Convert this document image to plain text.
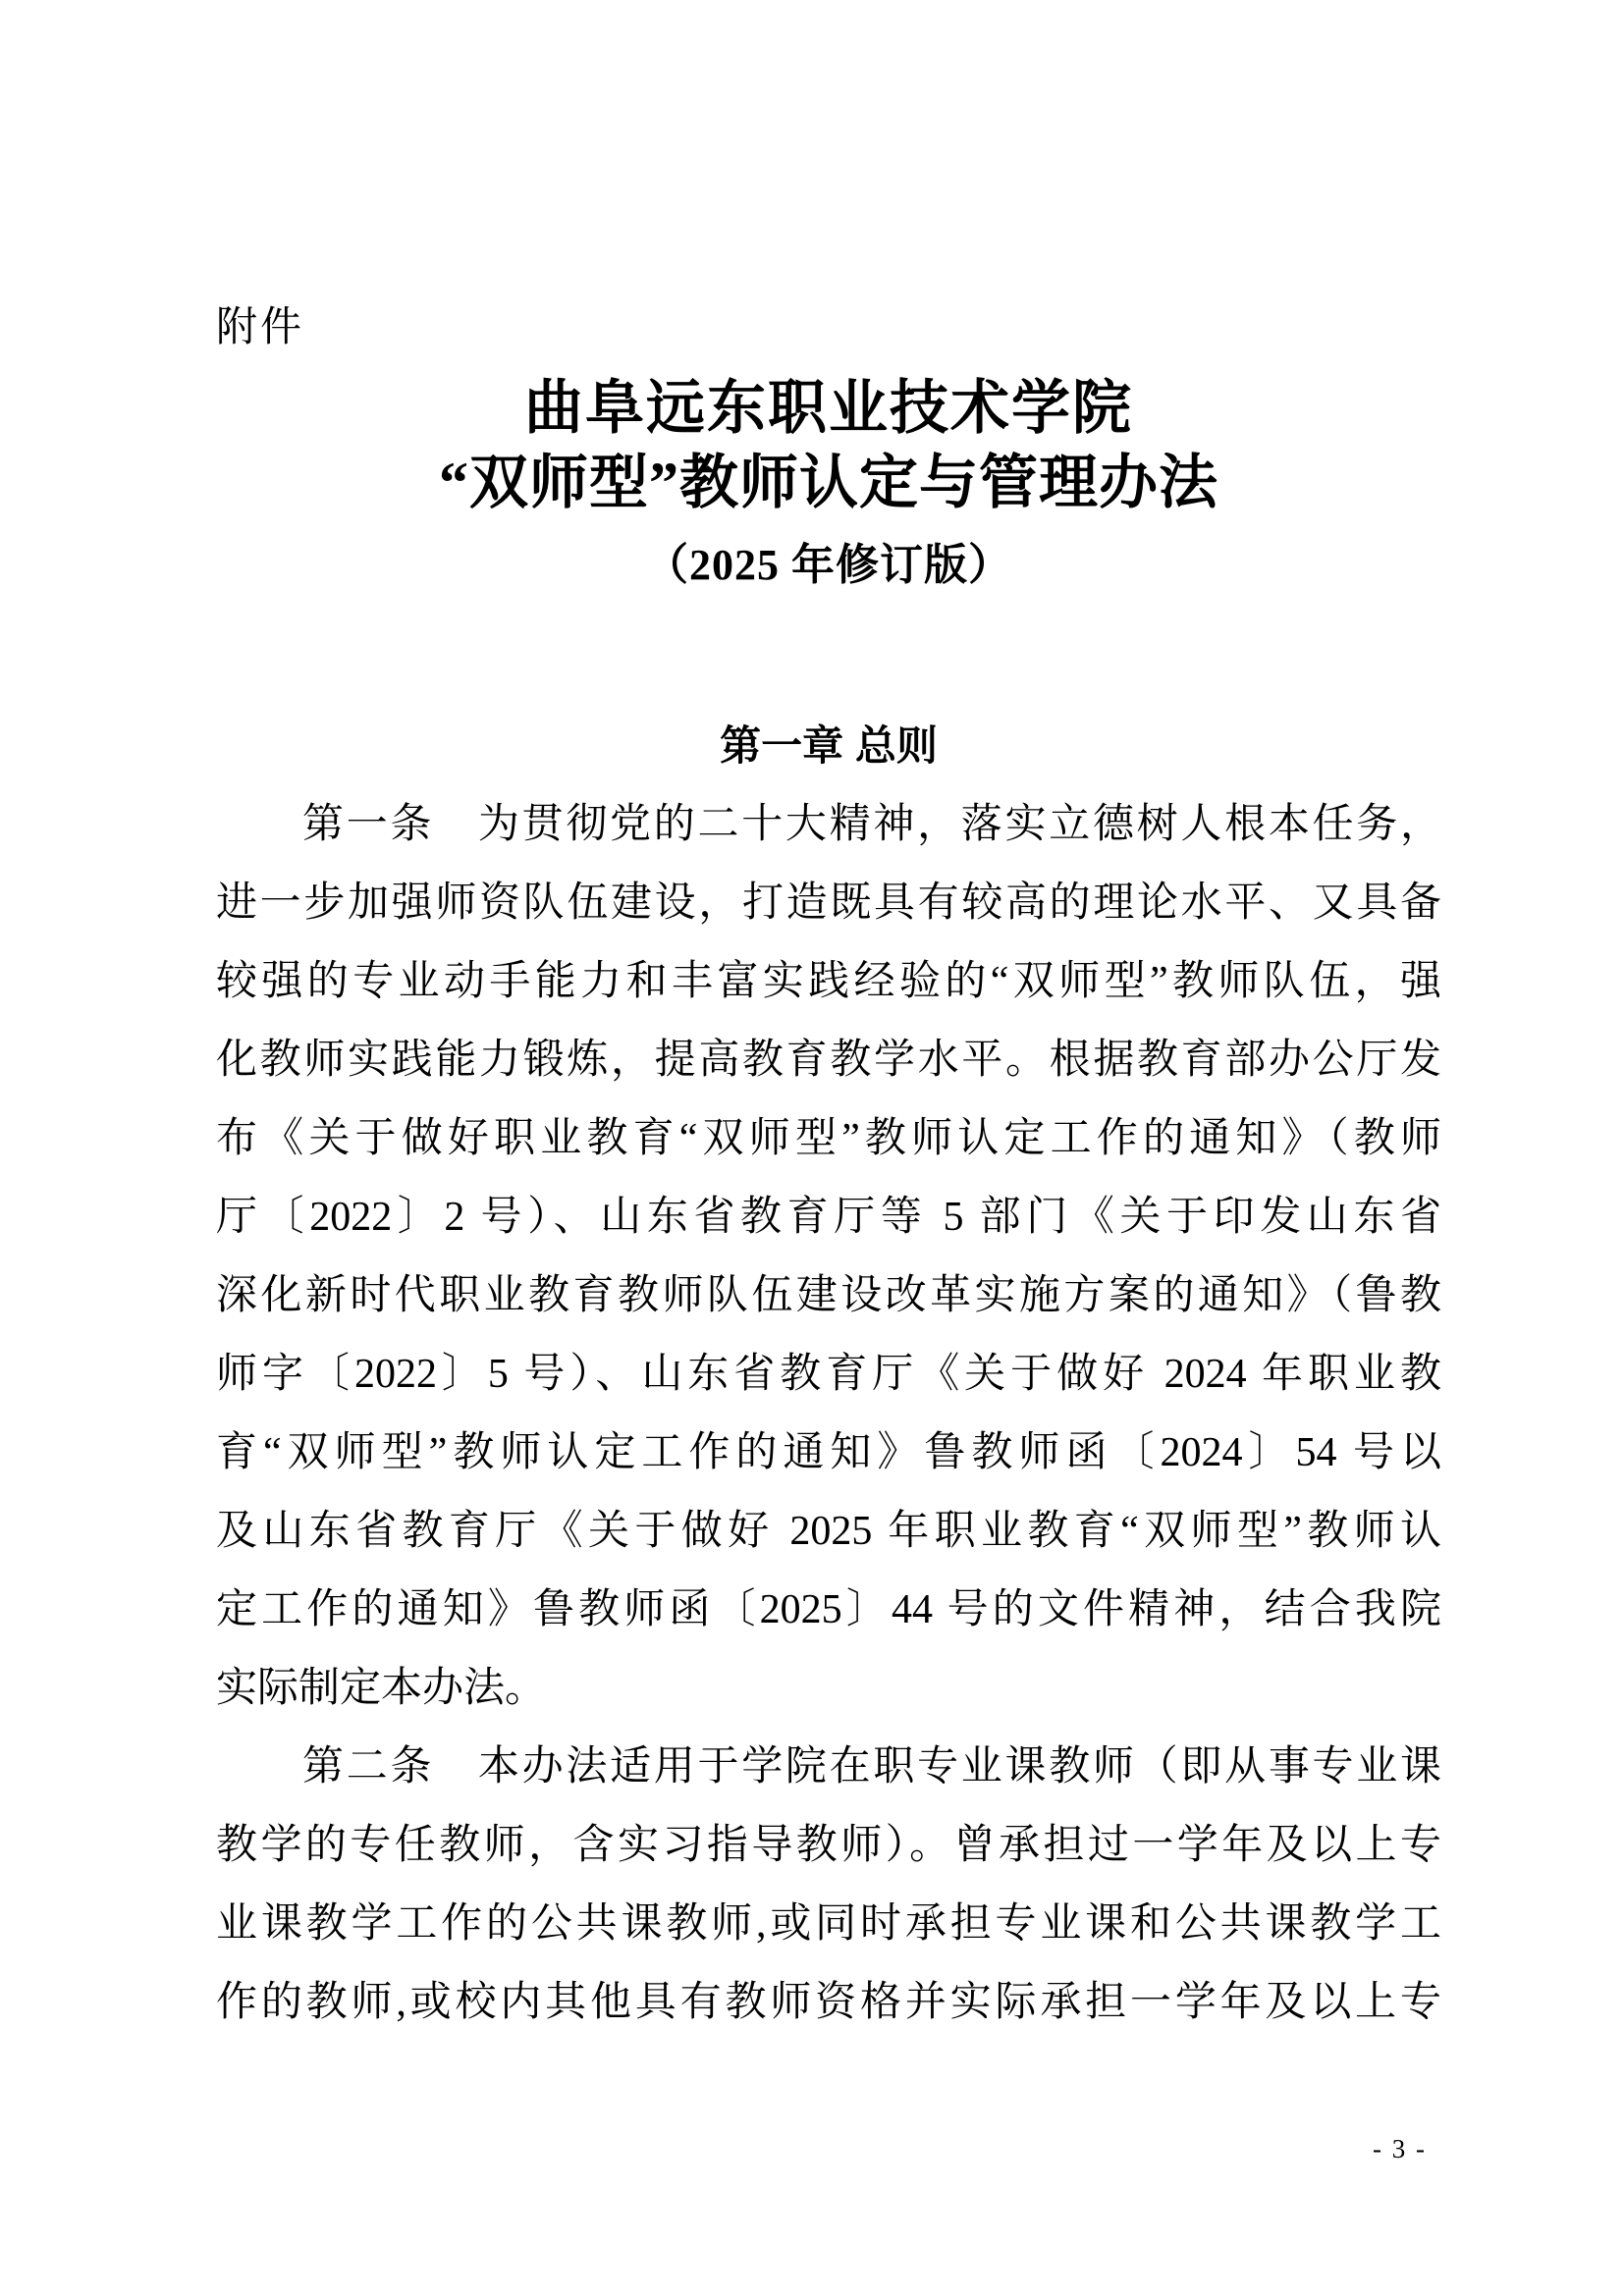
附件
曲阜远东职业技术学院
“双师型”教师认定与管理办法
（2025 年修订版）
第一章 总则
第一条　为贯彻党的二十大精神，落实立德树人根本任务，
进一步加强师资队伍建设，打造既具有较高的理论水平、又具备
较强的专业动手能力和丰富实践经验的“双师型”教师队伍，强
化教师实践能力锻炼，提高教育教学水平。根据教育部办公厅发
布《关于做好职业教育“双师型”教师认定工作的通知》（教师
厅〔2022〕2 号）、山东省教育厅等 5 部门《关于印发山东省
深化新时代职业教育教师队伍建设改革实施方案的通知》（鲁教
师字〔2022〕5 号）、山东省教育厅《关于做好 2024 年职业教
育“双师型”教师认定工作的通知》鲁教师函〔2024〕54 号以
及山东省教育厅《关于做好 2025 年职业教育“双师型”教师认
定工作的通知》鲁教师函〔2025〕44 号的文件精神，结合我院
实际制定本办法。
第二条　本办法适用于学院在职专业课教师（即从事专业课
教学的专任教师，含实习指导教师）。曾承担过一学年及以上专
业课教学工作的公共课教师,或同时承担专业课和公共课教学工
作的教师,或校内其他具有教师资格并实际承担一学年及以上专
- 3 -
